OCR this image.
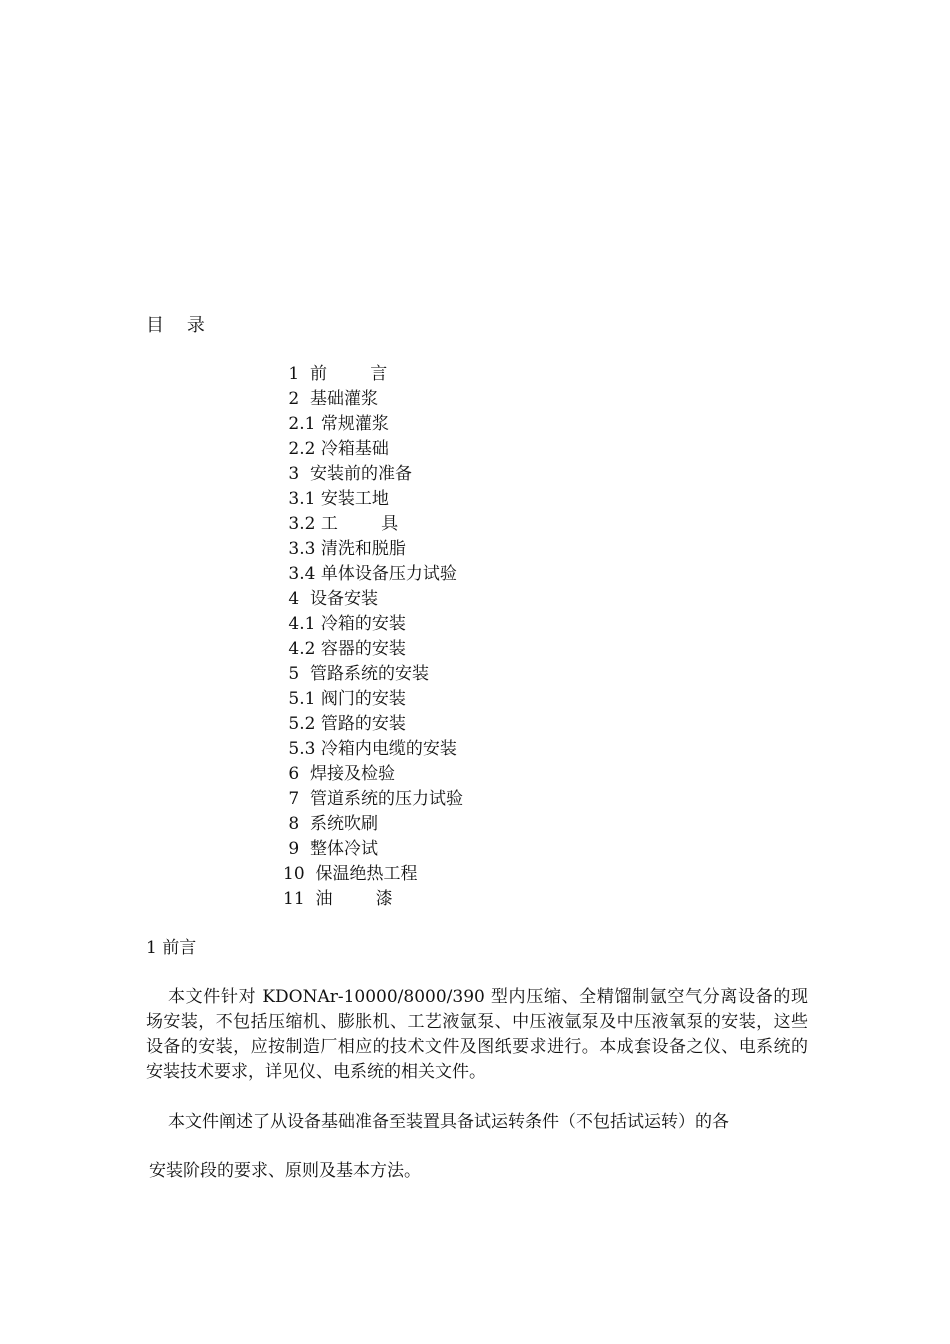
目    录
1  前        言
2  基础灌浆
2.1 常规灌浆
2.2 冷箱基础
3  安装前的准备
3.1 安装工地
3.2 工        具
3.3 清洗和脱脂
3.4 单体设备压力试验
4  设备安装
4.1 冷箱的安装
4.2 容器的安装
5  管路系统的安装
5.1 阀门的安装
5.2 管路的安装
5.3 冷箱内电缆的安装
6  焊接及检验
7  管道系统的压力试验
8  系统吹刷
9  整体冷试
10  保温绝热工程
11  油        漆
1 前言

本文件针对 KDONAr-10000/8000/390 型内压缩、全精馏制氩空气分离设备的现场安装，不包括压缩机、膨胀机、工艺液氩泵、中压液氩泵及中压液氧泵的安装，这些设备的安装，应按制造厂相应的技术文件及图纸要求进行。本成套设备之仪、电系统的安装技术要求，详见仪、电系统的相关文件。

本文件阐述了从设备基础准备至装置具备试运转条件（不包括试运转）的各

安装阶段的要求、原则及基本方法。
